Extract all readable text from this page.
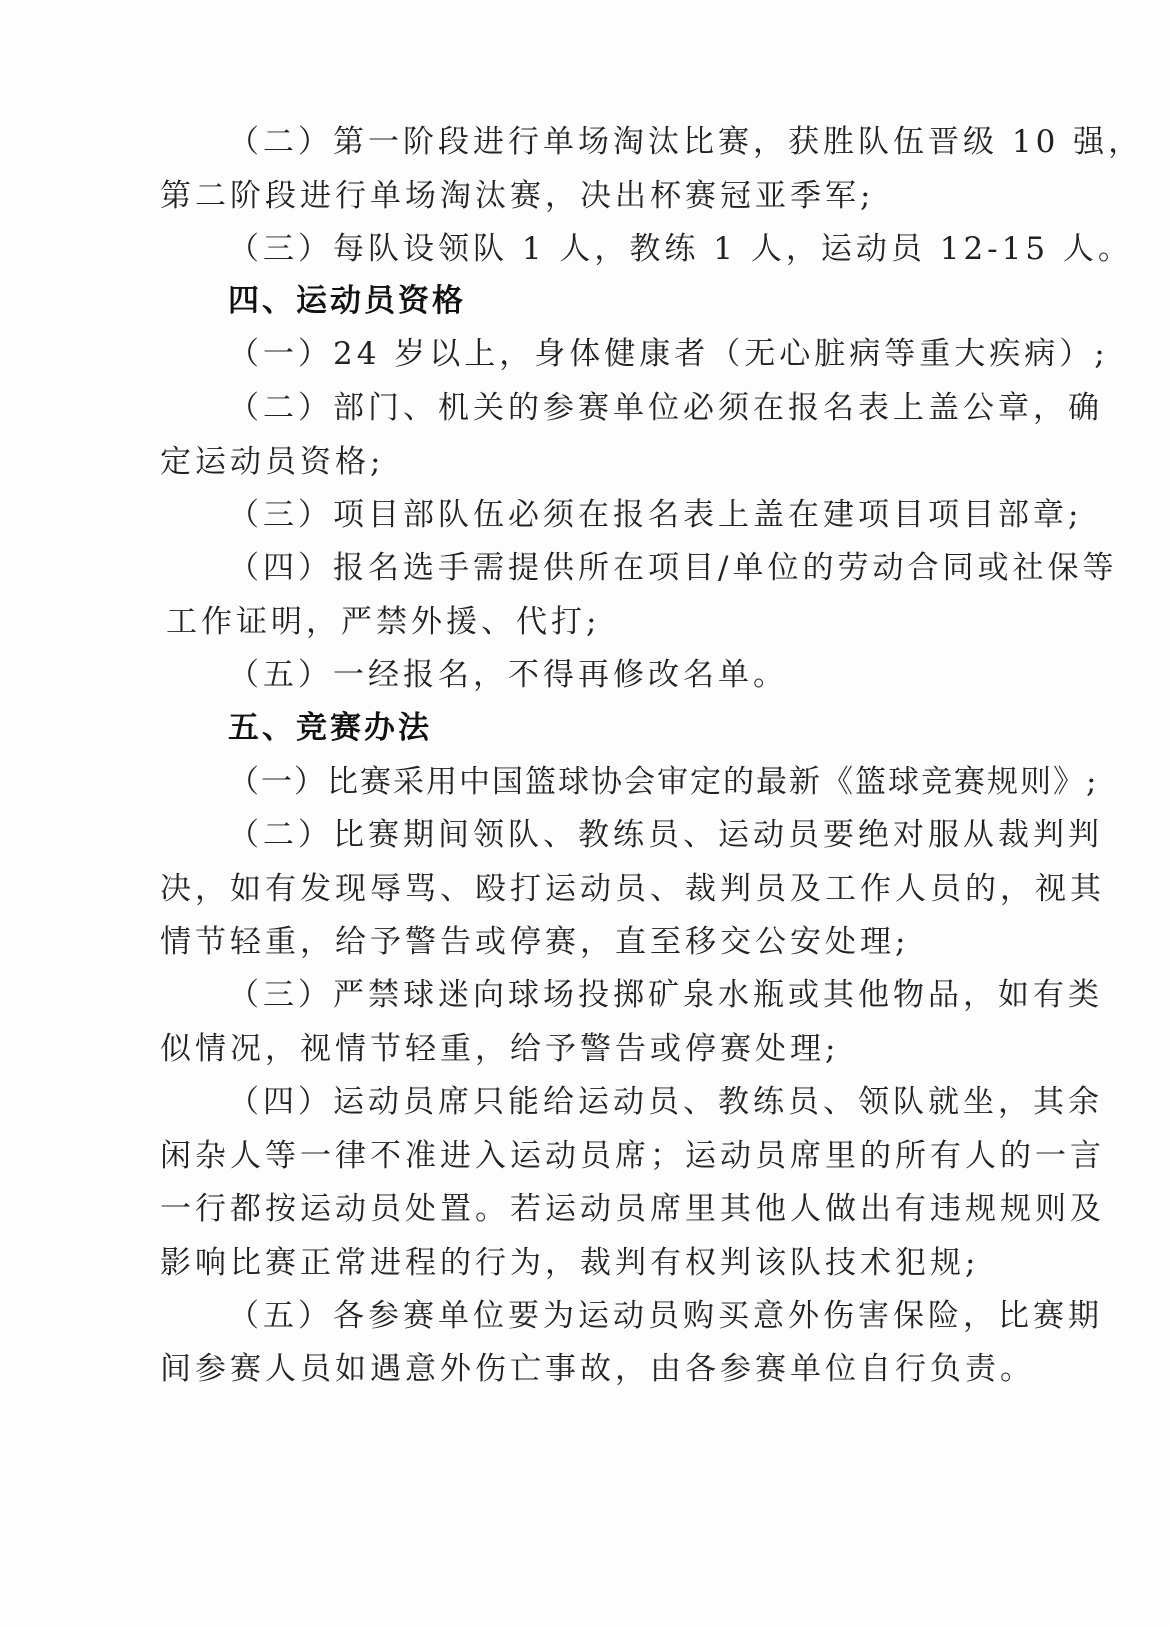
（二）第一阶段进行单场淘汰比赛，获胜队伍晋级 10 强，

第二阶段进行单场淘汰赛，决出杯赛冠亚季军;

（三）每队设领队 1 人，教练 1 人，运动员 12-15 人。

四、运动员资格

（一）24 岁以上，身体健康者（无心脏病等重大疾病）;

（二）部门、机关的参赛单位必须在报名表上盖公章，确

定运动员资格;

（三）项目部队伍必须在报名表上盖在建项目项目部章;

（四）报名选手需提供所在项目/单位的劳动合同或社保等

工作证明，严禁外援、代打;

（五）一经报名，不得再修改名单。

五、竞赛办法

（一）比赛采用中国篮球协会审定的最新《篮球竞赛规则》;

（二）比赛期间领队、教练员、运动员要绝对服从裁判判

决，如有发现辱骂、殴打运动员、裁判员及工作人员的，视其

情节轻重，给予警告或停赛，直至移交公安处理;

（三）严禁球迷向球场投掷矿泉水瓶或其他物品，如有类

似情况，视情节轻重，给予警告或停赛处理;

（四）运动员席只能给运动员、教练员、领队就坐，其余

闲杂人等一律不准进入运动员席；运动员席里的所有人的一言

一行都按运动员处置。若运动员席里其他人做出有违规规则及

影响比赛正常进程的行为，裁判有权判该队技术犯规;

（五）各参赛单位要为运动员购买意外伤害保险，比赛期

间参赛人员如遇意外伤亡事故，由各参赛单位自行负责。
